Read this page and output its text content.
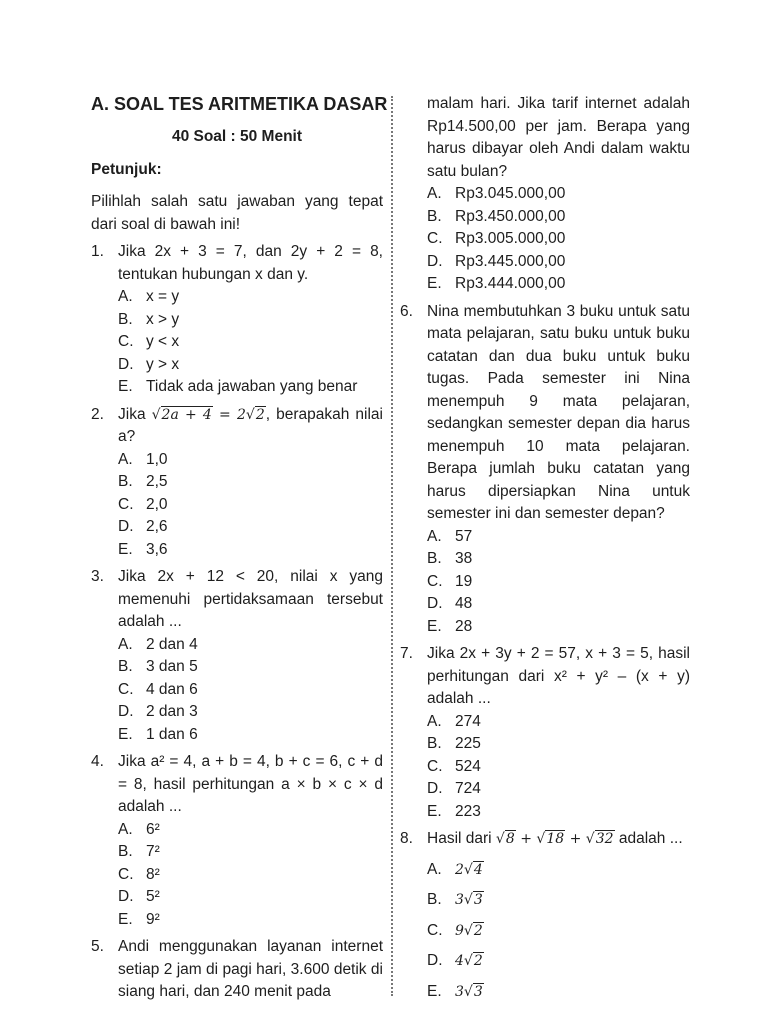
A. SOAL TES ARITMETIKA DASAR
40 Soal : 50 Menit
Petunjuk:
Pilihlah salah satu jawaban yang tepat dari soal di bawah ini!
1. Jika 2x + 3 = 7, dan 2y + 2 = 8, tentukan hubungan x dan y.
A. x = y
B. x > y
C. y < x
D. y > x
E. Tidak ada jawaban yang benar
2. Jika √2a + 4 = 2√2, berapakah nilai a?
A. 1,0
B. 2,5
C. 2,0
D. 2,6
E. 3,6
3. Jika 2x + 12 < 20, nilai x yang memenuhi pertidaksamaan tersebut adalah ...
A. 2 dan 4
B. 3 dan 5
C. 4 dan 6
D. 2 dan 3
E. 1 dan 6
4. Jika a² = 4, a + b = 4, b + c = 6, c + d = 8, hasil perhitungan a × b × c × d adalah ...
A. 6²
B. 7²
C. 8²
D. 5²
E. 9²
5. Andi menggunakan layanan internet setiap 2 jam di pagi hari, 3.600 detik di siang hari, dan 240 menit pada
malam hari. Jika tarif internet adalah Rp14.500,00 per jam. Berapa yang harus dibayar oleh Andi dalam waktu satu bulan?
A. Rp3.045.000,00
B. Rp3.450.000,00
C. Rp3.005.000,00
D. Rp3.445.000,00
E. Rp3.444.000,00
6. Nina membutuhkan 3 buku untuk satu mata pelajaran, satu buku untuk buku catatan dan dua buku untuk buku tugas. Pada semester ini Nina menempuh 9 mata pelajaran, sedangkan semester depan dia harus menempuh 10 mata pelajaran. Berapa jumlah buku catatan yang harus dipersiapkan Nina untuk semester ini dan semester depan?
A. 57
B. 38
C. 19
D. 48
E. 28
7. Jika 2x + 3y + 2 = 57, x + 3 = 5, hasil perhitungan dari x² + y² – (x + y) adalah ...
A. 274
B. 225
C. 524
D. 724
E. 223
8. Hasil dari √8 + √18 + √32 adalah ...
A. 2√4
B. 3√3
C. 9√2
D. 4√2
E. 3√3
